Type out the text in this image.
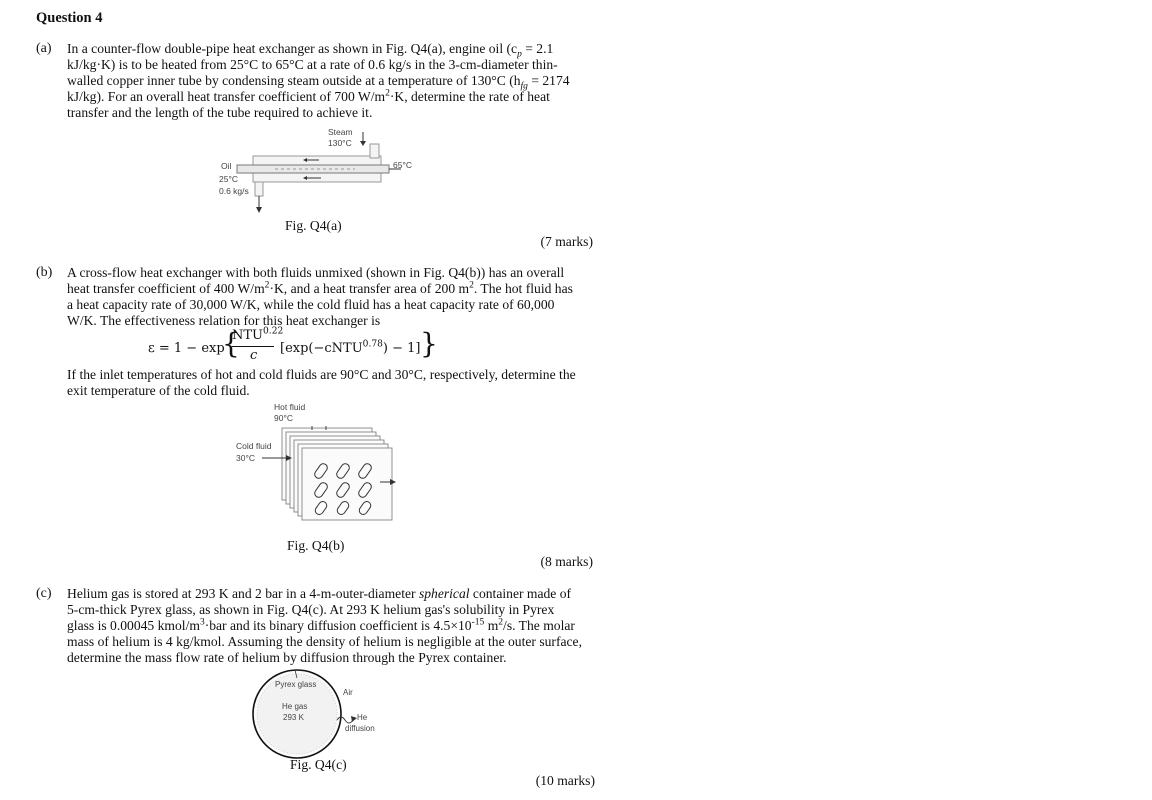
Question 4
(a) In a counter-flow double-pipe heat exchanger as shown in Fig. Q4(a), engine oil ($c_p = 2.1$
kJ/kg·K) is to be heated from 25°C to 65°C at a rate of 0.6 kg/s in the 3-cm-diameter thin-
walled copper inner tube by condensing steam outside at a temperature of 130°C ($h_{fg} = 2174$
kJ/kg). For an overall heat transfer coefficient of 700 $W/m^2\cdot K$, determine the rate of heat
transfer and the length of the tube required to achieve it.
Steam
130°C
Oil
25°C
0.6 kg/s
65°C
Fig. Q4(a)
(7 marks)
(b) A cross-flow heat exchanger with both fluids unmixed (shown in Fig. Q4(b)) has an overall
heat transfer coefficient of 400 $W/m^2\cdot K$, and a heat transfer area of 200 $m^2$. The hot fluid has
a heat capacity rate of 30,000 W/K, while the cold fluid has a heat capacity rate of 60,000
W/K. The effectiveness relation for this heat exchanger is
ε = 1 − exp
{
$NTU^{0.22}$
c [exp(−cNTU$^{0.78}$) − 1] }
If the inlet temperatures of hot and cold fluids are 90°C and 30°C, respectively, determine the
exit temperature of the cold fluid.
Hot fluid
90°C
Cold fluid
30°C
Fig. Q4(b)
(8 marks)
(c) Helium gas is stored at 293 K and 2 bar in a 4-m-outer-diameter spherical container made of
5-cm-thick Pyrex glass, as shown in Fig. Q4(c). At 293 K helium gas's solubility in Pyrex
glass is 0.00045 kmol/$m^3\cdot bar$ and its binary diffusion coefficient is $4.5\times 10^{-15}$ $m^2/s$. The molar
mass of helium is 4 kg/kmol. Assuming the density of helium is negligible at the outer surface,
determine the mass flow rate of helium by diffusion through the Pyrex container.
Pyrex glass
Air
He gas
293 K	He
diffusion
Fig. Q4(c)
(10 marks)
